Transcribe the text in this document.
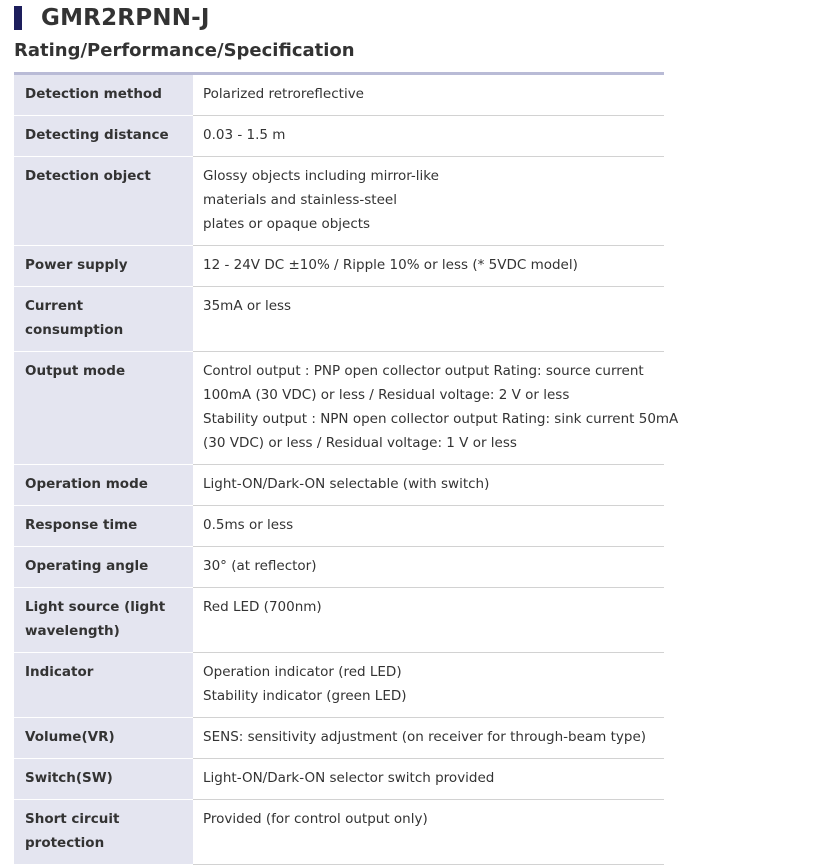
GMR2RPNN-J
Rating/Performance/Specification
Detection method	Polarized retroreflective

Detecting distance	0.03 - 1.5 m

Detection object	Glossy objects including mirror-like
materials and stainless-steel
plates or opaque objects

Power supply	12 - 24V DC ±10% / Ripple 10% or less (* 5VDC model)

Current consumption	35mA or less

Output mode	Control output : PNP open collector output Rating: source current
100mA (30 VDC) or less / Residual voltage: 2 V or less
Stability output : NPN open collector output Rating: sink current 50mA
(30 VDC) or less / Residual voltage: 1 V or less

Operation mode	Light-ON/Dark-ON selectable (with switch)

Response time	0.5ms or less

Operating angle	30° (at reflector)

Light source (light
wavelength)	Red LED (700nm)

Indicator	Operation indicator (red LED)
Stability indicator (green LED)

Volume(VR)	SENS: sensitivity adjustment (on receiver for through-beam type)

Switch(SW)	Light-ON/Dark-ON selector switch provided

Short circuit
protection	Provided (for control output only)
